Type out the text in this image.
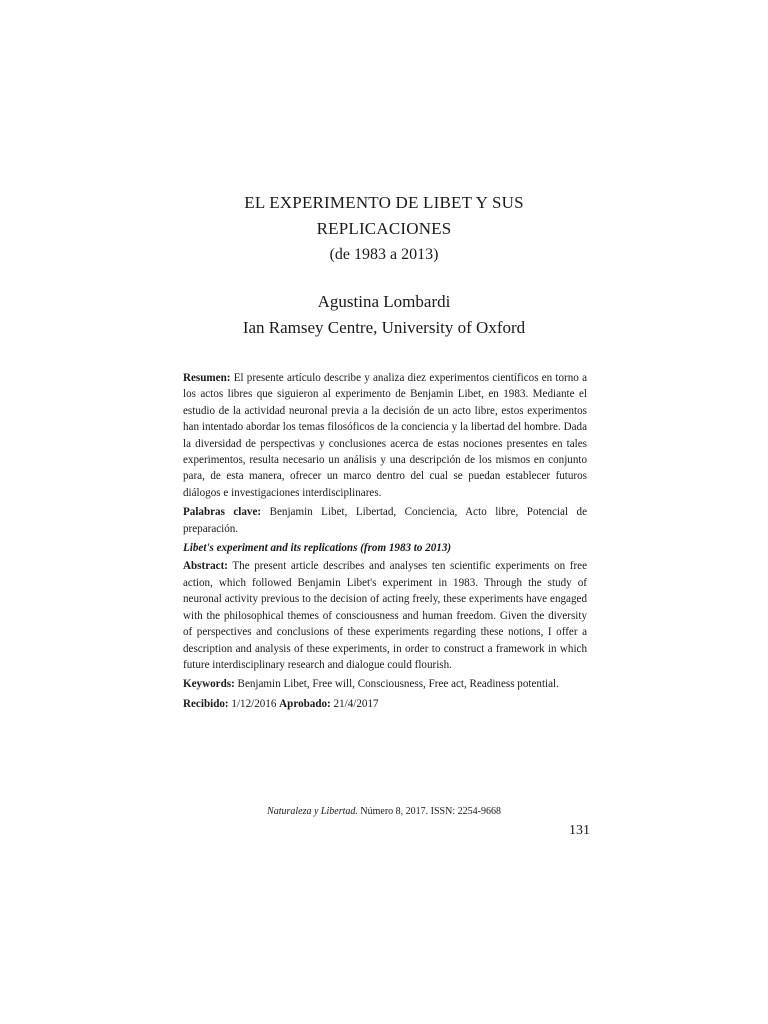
EL EXPERIMENTO DE LIBET Y SUS
REPLICACIONES
(de 1983 a 2013)
Agustina Lombardi
Ian Ramsey Centre, University of Oxford

Resumen: El presente artículo describe y analiza diez experimentos científicos en torno a los actos libres que siguieron al experimento de Benjamin Libet, en 1983. Mediante el estudio de la actividad neuronal previa a la decisión de un acto libre, estos experimentos han intentado abordar los temas filosóficos de la conciencia y la libertad del hombre. Dada la diversidad de perspectivas y conclusiones acerca de estas nociones presentes en tales experimentos, resulta necesario un análisis y una descripción de los mismos en conjunto para, de esta manera, ofrecer un marco dentro del cual se puedan establecer futuros diálogos e investigaciones interdisciplinares.

Palabras clave: Benjamin Libet, Libertad, Conciencia, Acto libre, Potencial de preparación.

Libet's experiment and its replications (from 1983 to 2013)

Abstract: The present article describes and analyses ten scientific experiments on free action, which followed Benjamin Libet's experiment in 1983. Through the study of neuronal activity previous to the decision of acting freely, these experiments have engaged with the philosophical themes of consciousness and human freedom. Given the diversity of perspectives and conclusions of these experiments regarding these notions, I offer a description and analysis of these experiments, in order to construct a framework in which future interdisciplinary research and dialogue could flourish.

Keywords: Benjamin Libet, Free will, Consciousness, Free act, Readiness potential.

Recibido: 1/12/2016 Aprobado: 21/4/2017

Naturaleza y Libertad. Número 8, 2017. ISSN: 2254-9668
131
